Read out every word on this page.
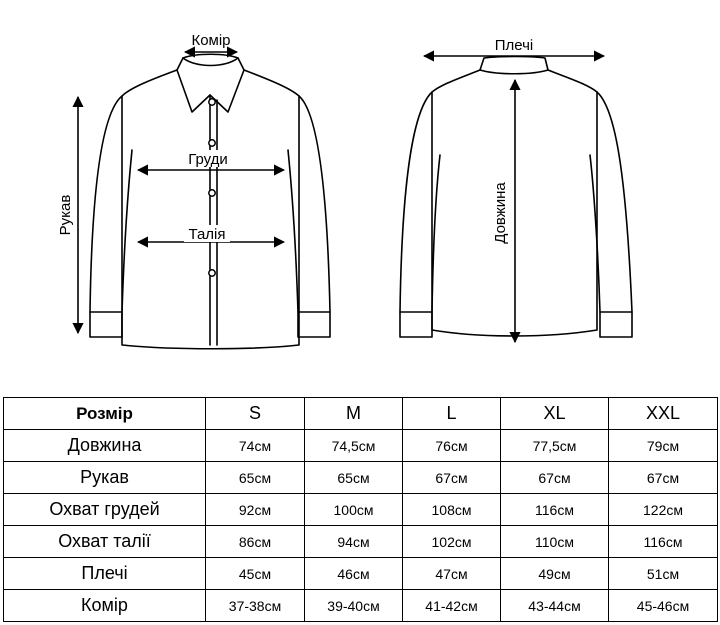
Комір
Груди
Талія
Рукав
Плечі
Довжина
Розмір	S	M	L	XL	XXL
Довжина	74см	74,5см	76см	77,5см	79см
Рукав	65см	65см	67см	67см	67см
Охват грудей	92см	100см	108см	116см	122см
Охват талії	86см	94см	102см	110см	116см
Плечі	45см	46см	47см	49см	51см
Комір	37-38см	39-40см	41-42см	43-44см	45-46см
